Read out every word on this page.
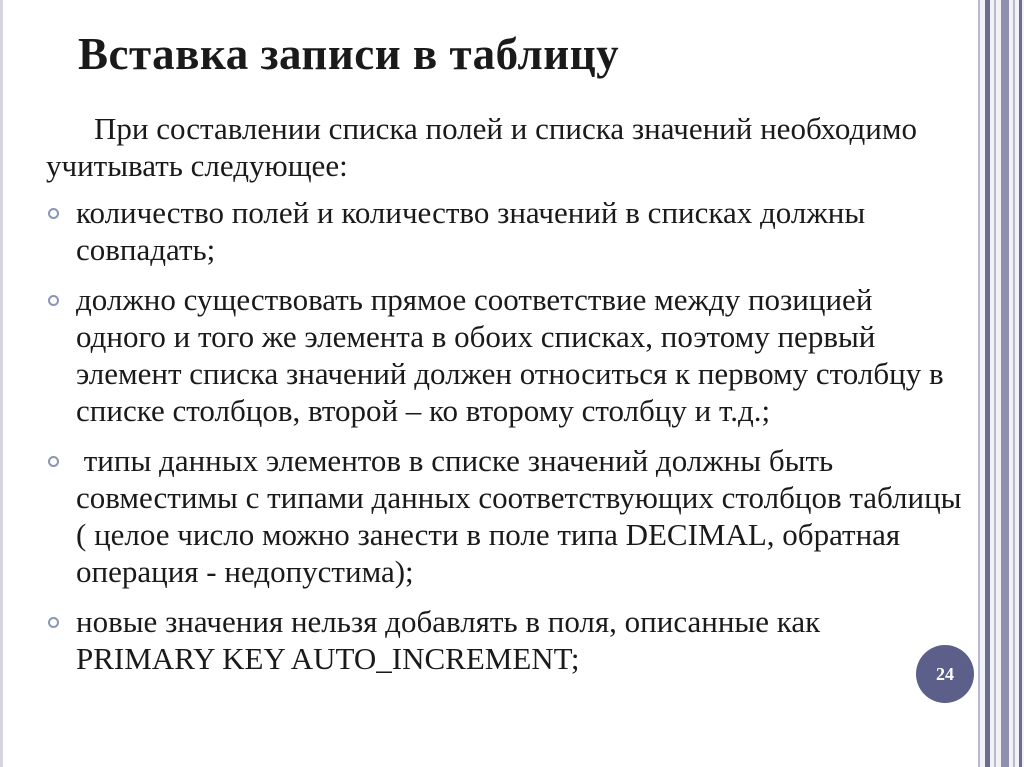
Вставка записи в таблицу
При составлении списка полей и списка значений необходимо учитывать следующее:
количество полей и количество значений в списках должны совпадать;
должно существовать прямое соответствие между позицией одного и того же элемента в обоих списках, поэтому первый элемент списка значений должен относиться к первому столбцу в списке столбцов, второй – ко второму столбцу и т.д.;
типы данных элементов в списке значений должны быть совместимы с типами данных соответствующих столбцов таблицы ( целое число можно занести в поле типа DECIMAL, обратная операция - недопустима);
новые значения нельзя добавлять в поля, описанные как PRIMARY KEY AUTO_INCREMENT;	24
